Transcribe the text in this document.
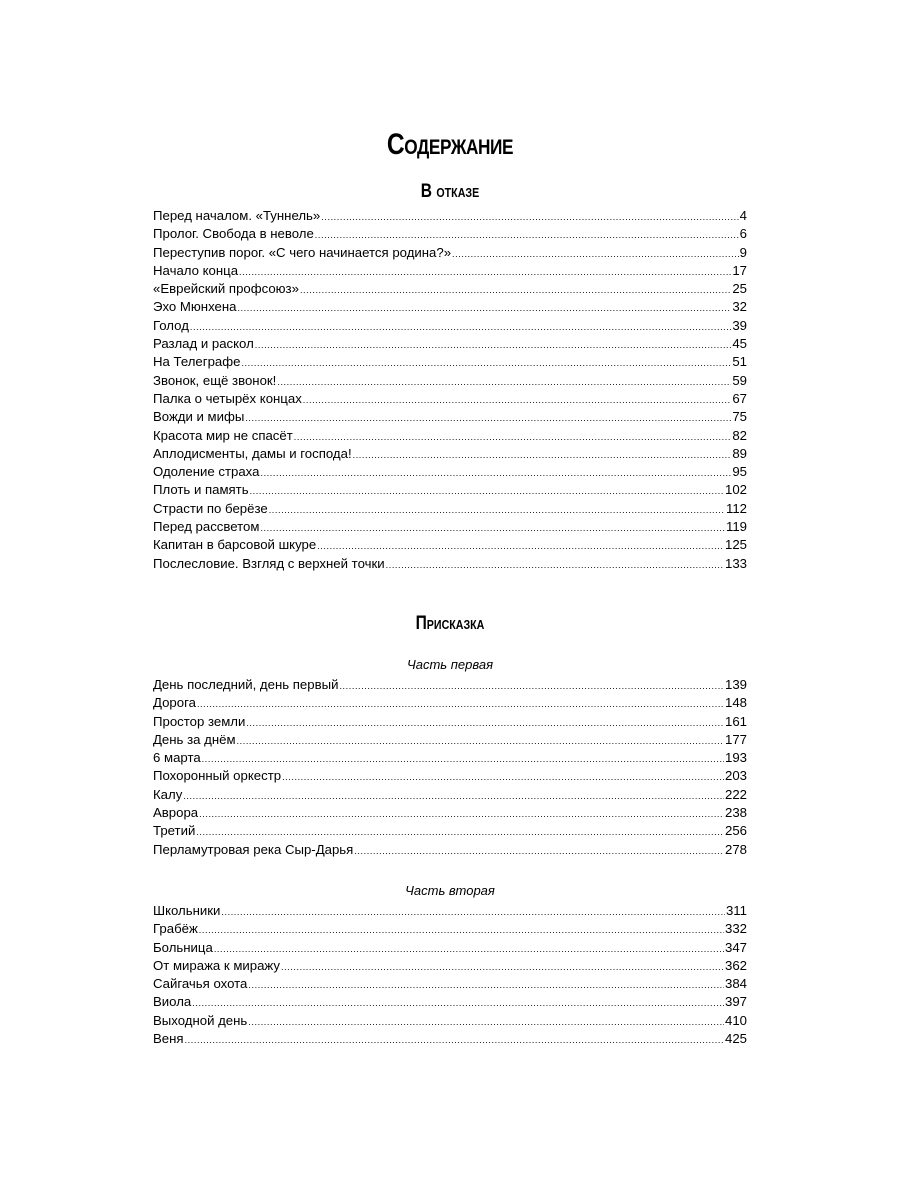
Содержание
В отказе
Перед началом. «Туннель» .....	4
Пролог. Свобода в неволе .....	6
Переступив порог. «С чего начинается родина?» .....	9
Начало конца .....	17
«Еврейский профсоюз» .....	25
Эхо Мюнхена .....	32
Голод .....	39
Разлад и раскол .....	45
На Телеграфе .....	51
Звонок, ещё звонок! .....	59
Палка о четырёх концах .....	67
Вожди и мифы .....	75
Красота мир не спасёт .....	82
Аплодисменты, дамы и господа! .....	89
Одоление страха .....	95
Плоть и память .....	102
Страсти по берёзе .....	112
Перед рассветом .....	119
Капитан в барсовой шкуре .....	125
Послесловие. Взгляд с верхней точки .....	133
Присказка
Часть первая
День последний, день первый .....	139
Дорога .....	148
Простор земли .....	161
День за днём .....	177
6 марта .....	193
Похоронный оркестр .....	203
Калу .....	222
Аврора .....	238
Третий .....	256
Перламутровая река Сыр-Дарья .....	278
Часть вторая
Школьники .....	311
Грабёж .....	332
Больница .....	347
От миража к миражу .....	362
Сайгачья охота .....	384
Виола .....	397
Выходной день .....	410
Веня .....	425
